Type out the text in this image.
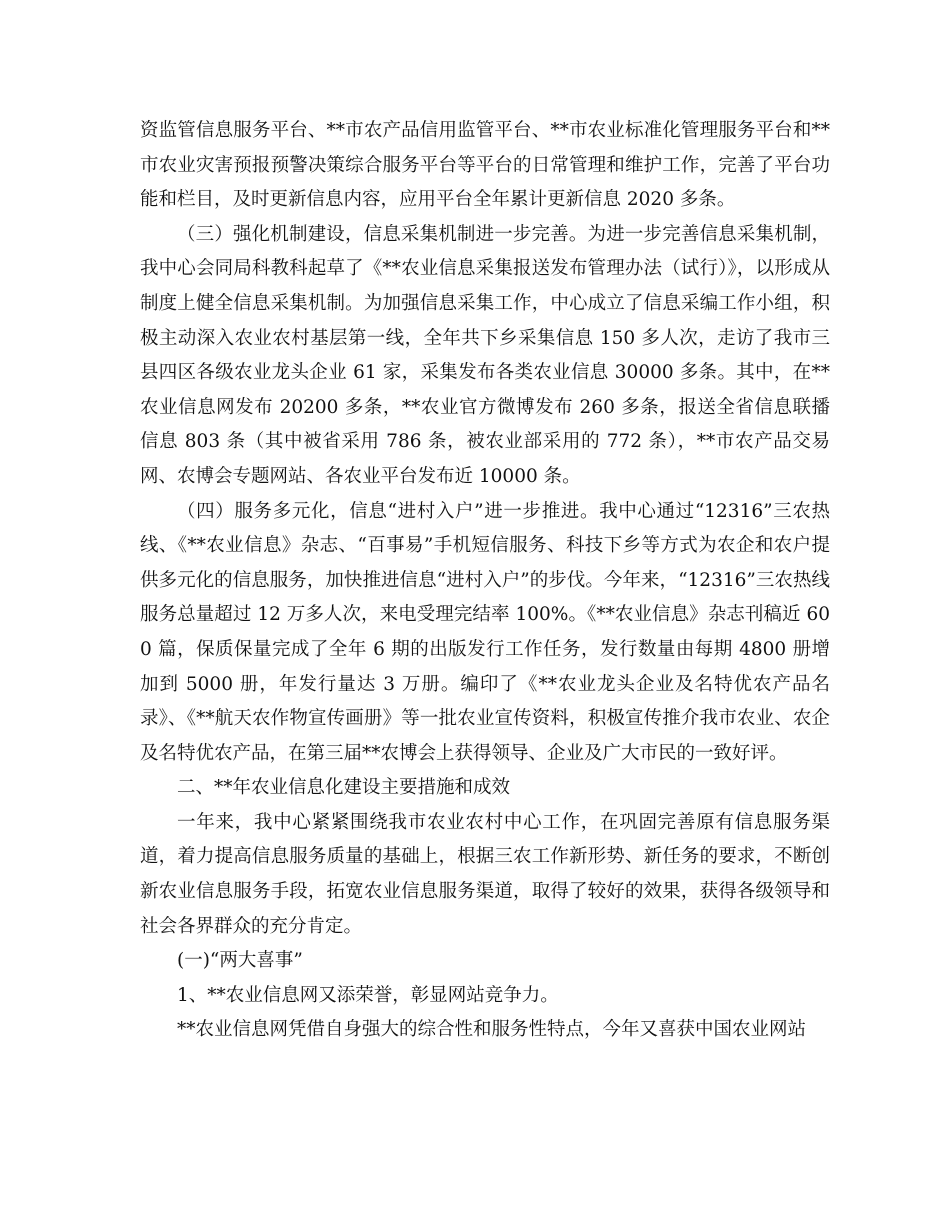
资监管信息服务平台、**市农产品信用监管平台、**市农业标准化管理服务平台和**市农业灾害预报预警决策综合服务平台等平台的日常管理和维护工作，完善了平台功能和栏目，及时更新信息内容，应用平台全年累计更新信息 2020 多条。

（三）强化机制建设，信息采集机制进一步完善。为进一步完善信息采集机制，我中心会同局科教科起草了《**农业信息采集报送发布管理办法（试行）》，以形成从制度上健全信息采集机制。为加强信息采集工作，中心成立了信息采编工作小组，积极主动深入农业农村基层第一线，全年共下乡采集信息 150 多人次，走访了我市三县四区各级农业龙头企业 61 家，采集发布各类农业信息 30000 多条。其中，在**农业信息网发布 20200 多条，**农业官方微博发布 260 多条，报送全省信息联播信息 803 条（其中被省采用 786 条，被农业部采用的 772 条），**市农产品交易网、农博会专题网站、各农业平台发布近 10000 条。

（四）服务多元化，信息“进村入户”进一步推进。我中心通过“12316”三农热线、《**农业信息》杂志、“百事易”手机短信服务、科技下乡等方式为农企和农户提供多元化的信息服务，加快推进信息“进村入户”的步伐。今年来，“12316”三农热线服务总量超过 12 万多人次，来电受理完结率 100%。《**农业信息》杂志刊稿近 600 篇，保质保量完成了全年 6 期的出版发行工作任务，发行数量由每期 4800 册增加到 5000 册，年发行量达 3 万册。编印了《**农业龙头企业及名特优农产品名录》、《**航天农作物宣传画册》等一批农业宣传资料，积极宣传推介我市农业、农企及名特优农产品，在第三届**农博会上获得领导、企业及广大市民的一致好评。

二、**年农业信息化建设主要措施和成效

一年来，我中心紧紧围绕我市农业农村中心工作，在巩固完善原有信息服务渠道，着力提高信息服务质量的基础上，根据三农工作新形势、新任务的要求，不断创新农业信息服务手段，拓宽农业信息服务渠道，取得了较好的效果，获得各级领导和社会各界群众的充分肯定。

(一)“两大喜事”

1、**农业信息网又添荣誉，彰显网站竞争力。

**农业信息网凭借自身强大的综合性和服务性特点，今年又喜获中国农业网站
